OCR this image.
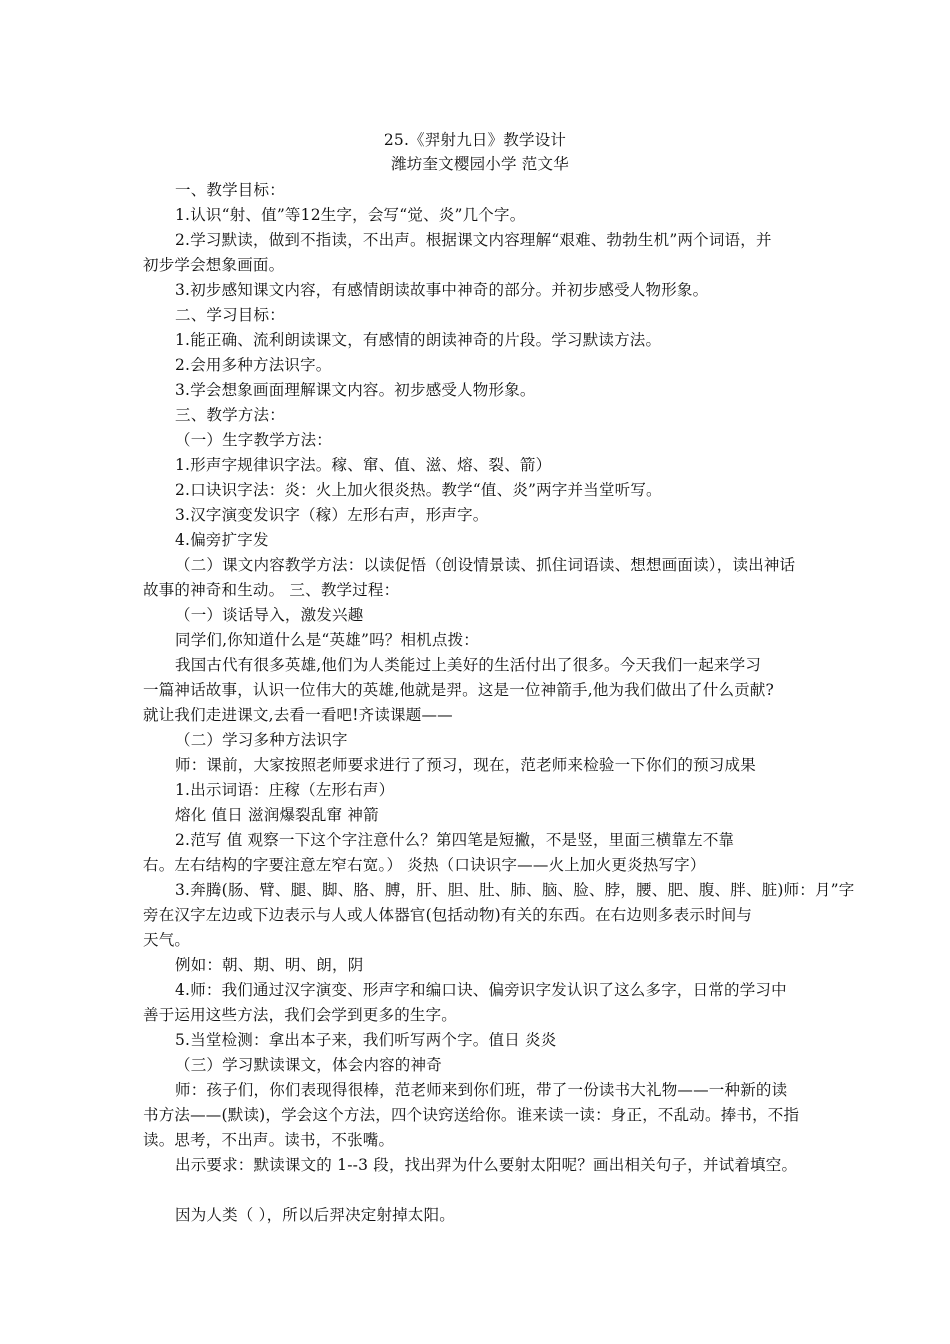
25.《羿射九日》教学设计
潍坊奎文樱园小学 范文华
一、教学目标：
1.认识“射、值”等12生字，会写“觉、炎”几个字。
2.学习默读，做到不指读，不出声。根据课文内容理解“艰难、勃勃生机”两个词语，并
初步学会想象画面。
3.初步感知课文内容，有感情朗读故事中神奇的部分。并初步感受人物形象。
二、学习目标：
1.能正确、流利朗读课文，有感情的朗读神奇的片段。学习默读方法。
2.会用多种方法识字。
3.学会想象画面理解课文内容。初步感受人物形象。
三、教学方法：
（一）生字教学方法：
1.形声字规律识字法。稼、窜、值、滋、熔、裂、箭）
2.口诀识字法：炎：火上加火很炎热。教学“值、炎”两字并当堂听写。
3.汉字演变发识字（稼）左形右声，形声字。
4.偏旁扩字发
（二）课文内容教学方法：以读促悟（创设情景读、抓住词语读、想想画面读），读出神话
故事的神奇和生动。 三、教学过程：
（一）谈话导入，激发兴趣
同学们,你知道什么是“英雄”吗？相机点拨：
我国古代有很多英雄,他们为人类能过上美好的生活付出了很多。今天我们一起来学习
一篇神话故事，认识一位伟大的英雄,他就是羿。这是一位神箭手,他为我们做出了什么贡献?
就让我们走进课文,去看一看吧!齐读课题——
（二）学习多种方法识字
师：课前，大家按照老师要求进行了预习，现在，范老师来检验一下你们的预习成果
1.出示词语：庄稼（左形右声）
熔化 值日 滋润爆裂乱窜 神箭
2.范写 值 观察一下这个字注意什么？第四笔是短撇，不是竖，里面三横靠左不靠
右。左右结构的字要注意左窄右宽。） 炎热（口诀识字——火上加火更炎热写字）
3.奔腾(肠、臂、腿、脚、胳、膊，肝、胆、肚、肺、脑、脸、脖，腰、肥、腹、胖、脏)师：月”字
旁在汉字左边或下边表示与人或人体器官(包括动物)有关的东西。在右边则多表示时间与
天气。
例如：朝、期、明、朗，阴
4.师：我们通过汉字演变、形声字和编口诀、偏旁识字发认识了这么多字，日常的学习中
善于运用这些方法，我们会学到更多的生字。
5.当堂检测：拿出本子来，我们听写两个字。值日 炎炎
（三）学习默读课文，体会内容的神奇
师：孩子们，你们表现得很棒，范老师来到你们班，带了一份读书大礼物——一种新的读
书方法——(默读)，学会这个方法，四个诀窍送给你。谁来读一读：身正，不乱动。捧书，不指
读。思考，不出声。读书，不张嘴。
出示要求：默读课文的 1--3 段，找出羿为什么要射太阳呢？画出相关句子，并试着填空。
因为人类（ ），所以后羿决定射掉太阳。
